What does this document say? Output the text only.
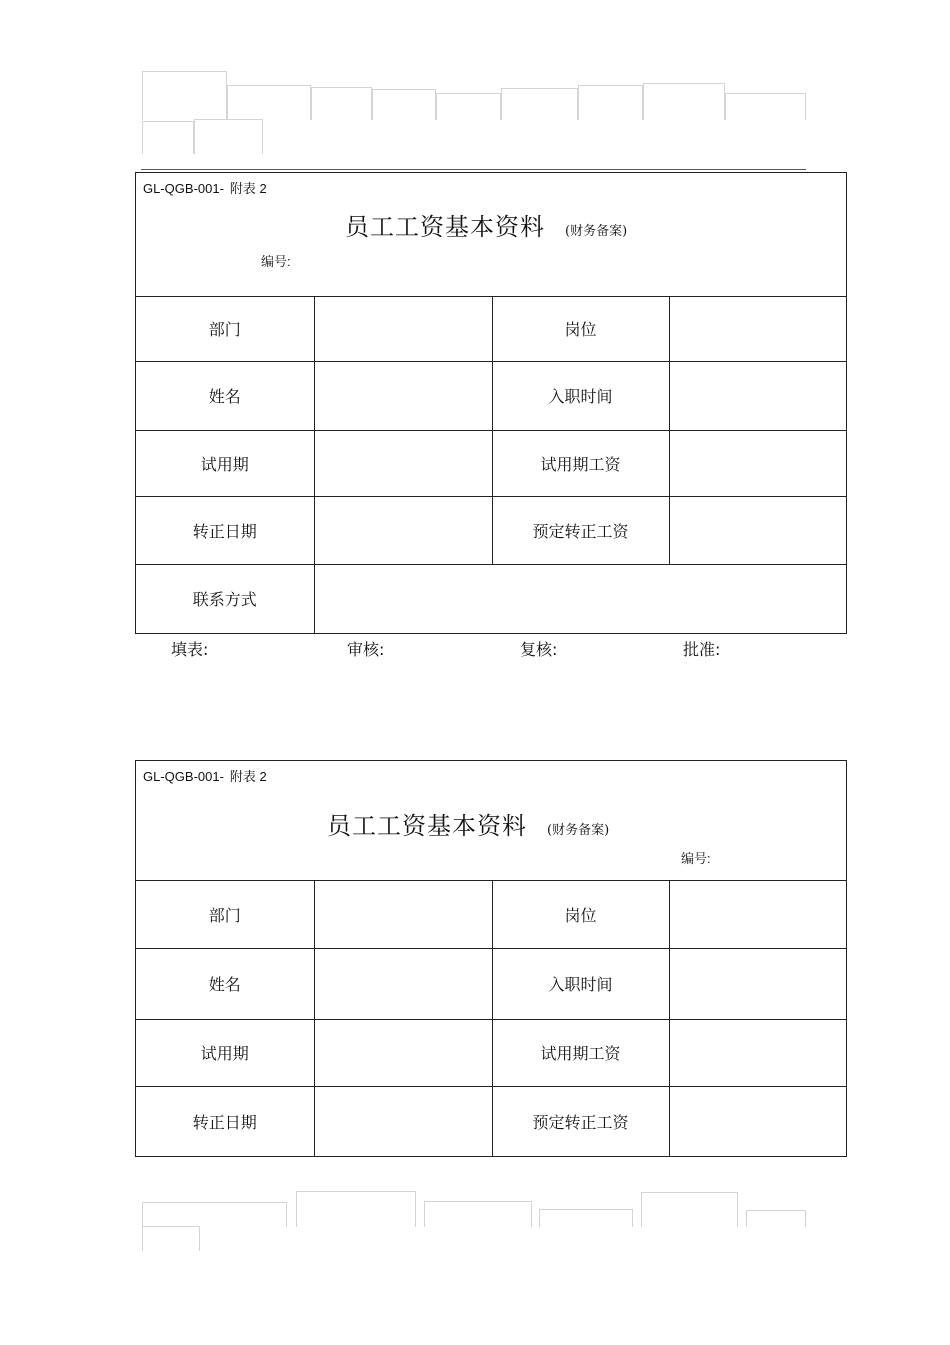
GL-QGB-001- 附表 2
员工工资基本资料 (财务备案)
编号:
部门		岗位	
姓名		入职时间	
试用期		试用期工资	
转正日期		预定转正工资	
联系方式			
填表:	审核:	复核:	批准:
GL-QGB-001- 附表 2
员工工资基本资料 (财务备案)
编号:
部门		岗位	
姓名		入职时间	
试用期		试用期工资	
转正日期		预定转正工资	
